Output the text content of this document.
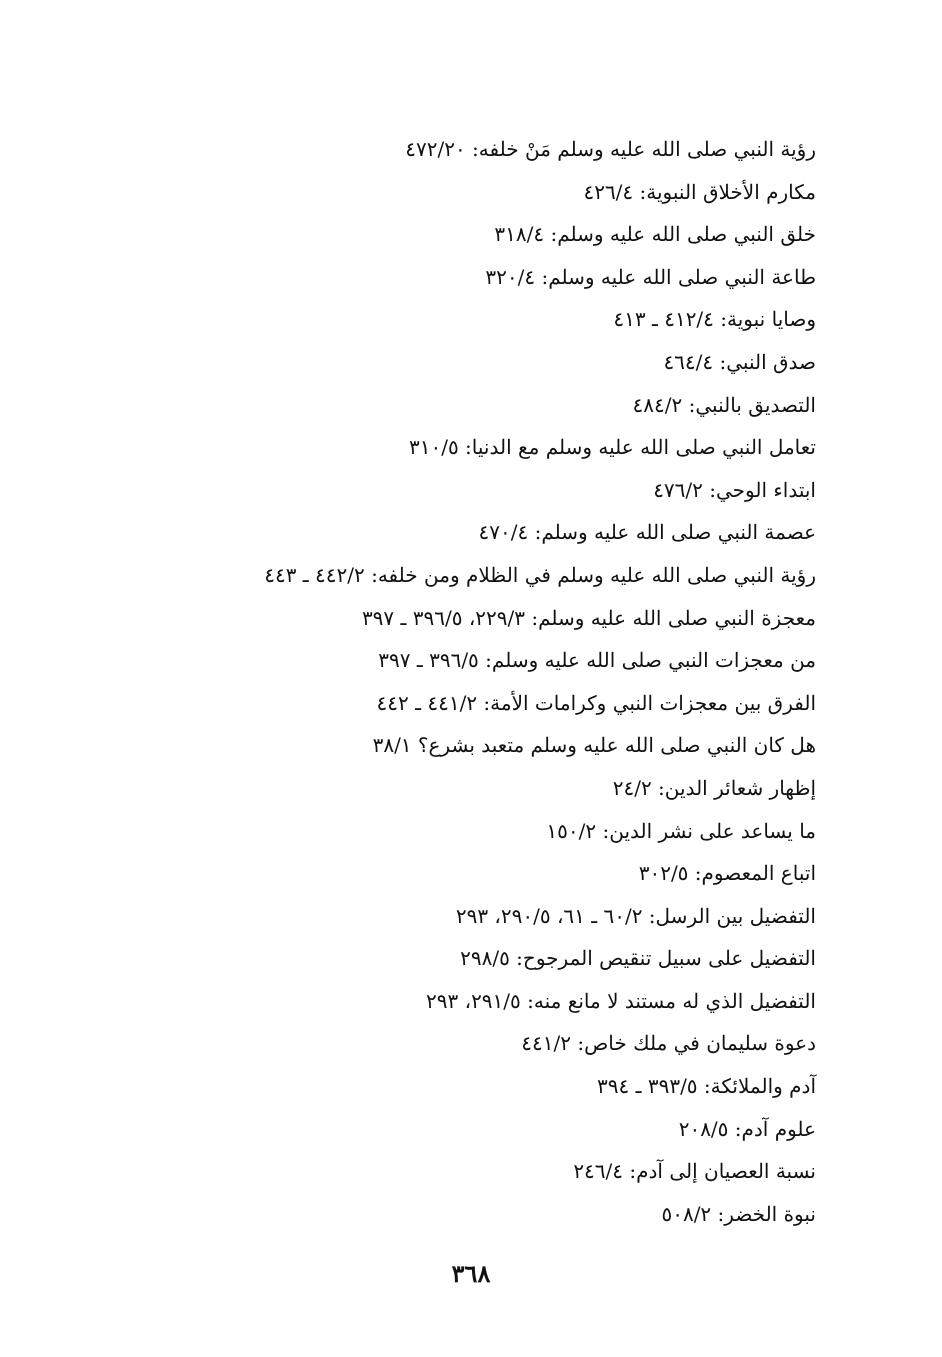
رؤية النبي صلى الله عليه وسلم مَنْ خلفه: ٤٧٢/٢٠
مكارم الأخلاق النبوية: ٤٢٦/٤
خلق النبي صلى الله عليه وسلم: ٣١٨/٤
طاعة النبي صلى الله عليه وسلم: ٣٢٠/٤
وصايا نبوية: ٤١٢/٤ ـ ٤١٣
صدق النبي: ٤٦٤/٤
التصديق بالنبي: ٤٨٤/٢
تعامل النبي صلى الله عليه وسلم مع الدنيا: ٣١٠/٥
ابتداء الوحي: ٤٧٦/٢
عصمة النبي صلى الله عليه وسلم: ٤٧٠/٤
رؤية النبي صلى الله عليه وسلم في الظلام ومن خلفه: ٤٤٢/٢ ـ ٤٤٣
معجزة النبي صلى الله عليه وسلم: ٢٢٩/٣، ٣٩٦/٥ ـ ٣٩٧
من معجزات النبي صلى الله عليه وسلم: ٣٩٦/٥ ـ ٣٩٧
الفرق بين معجزات النبي وكرامات الأمة: ٤٤١/٢ ـ ٤٤٢
هل كان النبي صلى الله عليه وسلم متعبد بشرع؟ ٣٨/١
إظهار شعائر الدين: ٢٤/٢
ما يساعد على نشر الدين: ١٥٠/٢
اتباع المعصوم: ٣٠٢/٥
التفضيل بين الرسل: ٦٠/٢ ـ ٦١، ٢٩٠/٥، ٢٩٣
التفضيل على سبيل تنقيص المرجوح: ٢٩٨/٥
التفضيل الذي له مستند لا مانع منه: ٢٩١/٥، ٢٩٣
دعوة سليمان في ملك خاص: ٤٤١/٢
آدم والملائكة: ٣٩٣/٥ ـ ٣٩٤
علوم آدم: ٢٠٨/٥
نسبة العصيان إلى آدم: ٢٤٦/٤
نبوة الخضر: ٥٠٨/٢
٣٦٨
